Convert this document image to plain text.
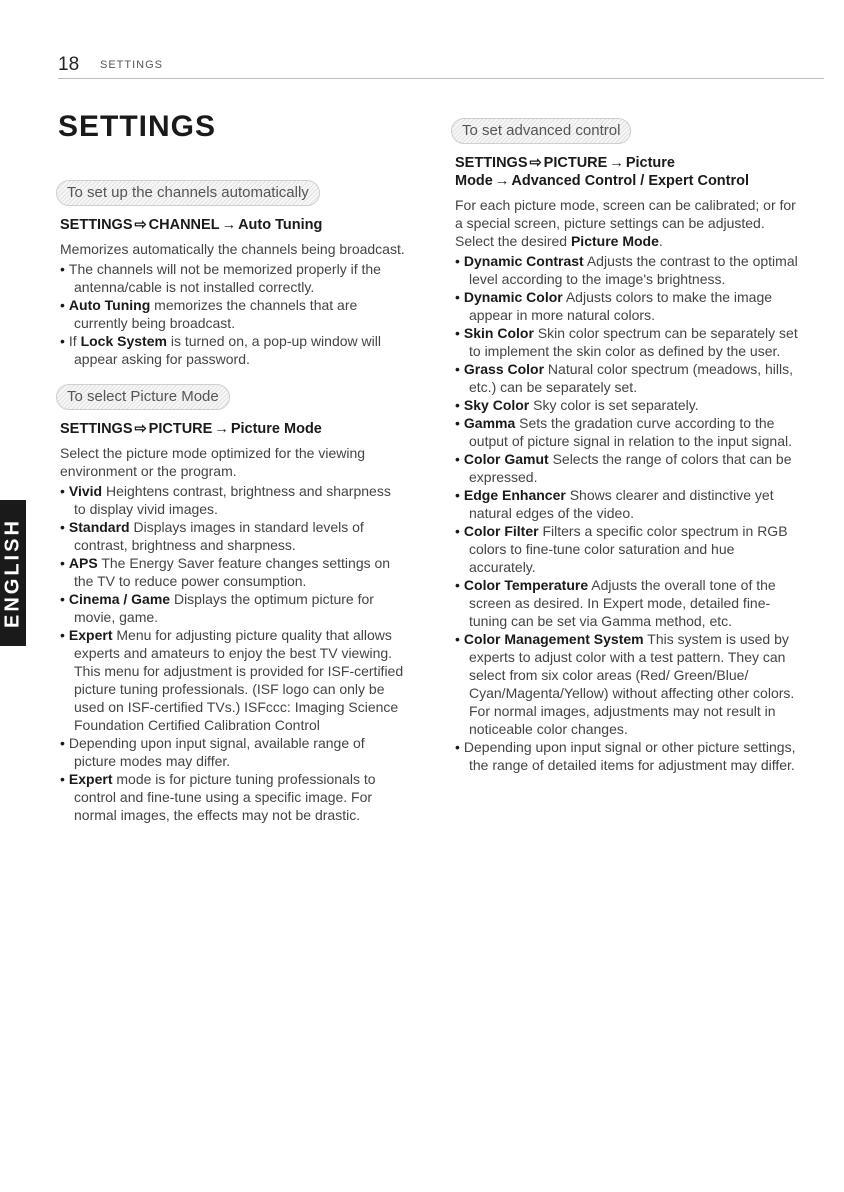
18 SETTINGS
SETTINGS
ENGLISH
To set up the channels automatically
SETTINGS ⇨ CHANNEL → Auto Tuning

Memorizes automatically the channels being broadcast.

• The channels will not be memorized properly if the antenna/cable is not installed correctly.
• Auto Tuning memorizes the channels that are currently being broadcast.
• If Lock System is turned on, a pop-up window will appear asking for password.
To select Picture Mode
SETTINGS ⇨ PICTURE → Picture Mode

Select the picture mode optimized for the viewing environment or the program.

• Vivid Heightens contrast, brightness and sharpness to display vivid images.
• Standard Displays images in standard levels of contrast, brightness and sharpness.
• APS The Energy Saver feature changes settings on the TV to reduce power consumption.
• Cinema / Game Displays the optimum picture for movie, game.
• Expert Menu for adjusting picture quality that allows experts and amateurs to enjoy the best TV viewing. This menu for adjustment is provided for ISF-certified picture tuning professionals. (ISF logo can only be used on ISF-certified TVs.) ISFccc: Imaging Science Foundation Certified Calibration Control
• Depending upon input signal, available range of picture modes may differ.
• Expert mode is for picture tuning professionals to control and fine-tune using a specific image. For normal images, the effects may not be drastic.
To set advanced control
SETTINGS ⇨ PICTURE → Picture Mode → Advanced Control / Expert Control

For each picture mode, screen can be calibrated; or for a special screen, picture settings can be adjusted. Select the desired Picture Mode.

• Dynamic Contrast Adjusts the contrast to the optimal level according to the image's brightness.
• Dynamic Color Adjusts colors to make the image appear in more natural colors.
• Skin Color Skin color spectrum can be separately set to implement the skin color as defined by the user.
• Grass Color Natural color spectrum (meadows, hills, etc.) can be separately set.
• Sky Color Sky color is set separately.
• Gamma Sets the gradation curve according to the output of picture signal in relation to the input signal.
• Color Gamut Selects the range of colors that can be expressed.
• Edge Enhancer Shows clearer and distinctive yet natural edges of the video.
• Color Filter Filters a specific color spectrum in RGB colors to fine-tune color saturation and hue accurately.
• Color Temperature Adjusts the overall tone of the screen as desired. In Expert mode, detailed fine-tuning can be set via Gamma method, etc.
• Color Management System This system is used by experts to adjust color with a test pattern. They can select from six color areas (Red/ Green/Blue/ Cyan/Magenta/Yellow) without affecting other colors. For normal images, adjustments may not result in noticeable color changes.
• Depending upon input signal or other picture settings, the range of detailed items for adjustment may differ.
